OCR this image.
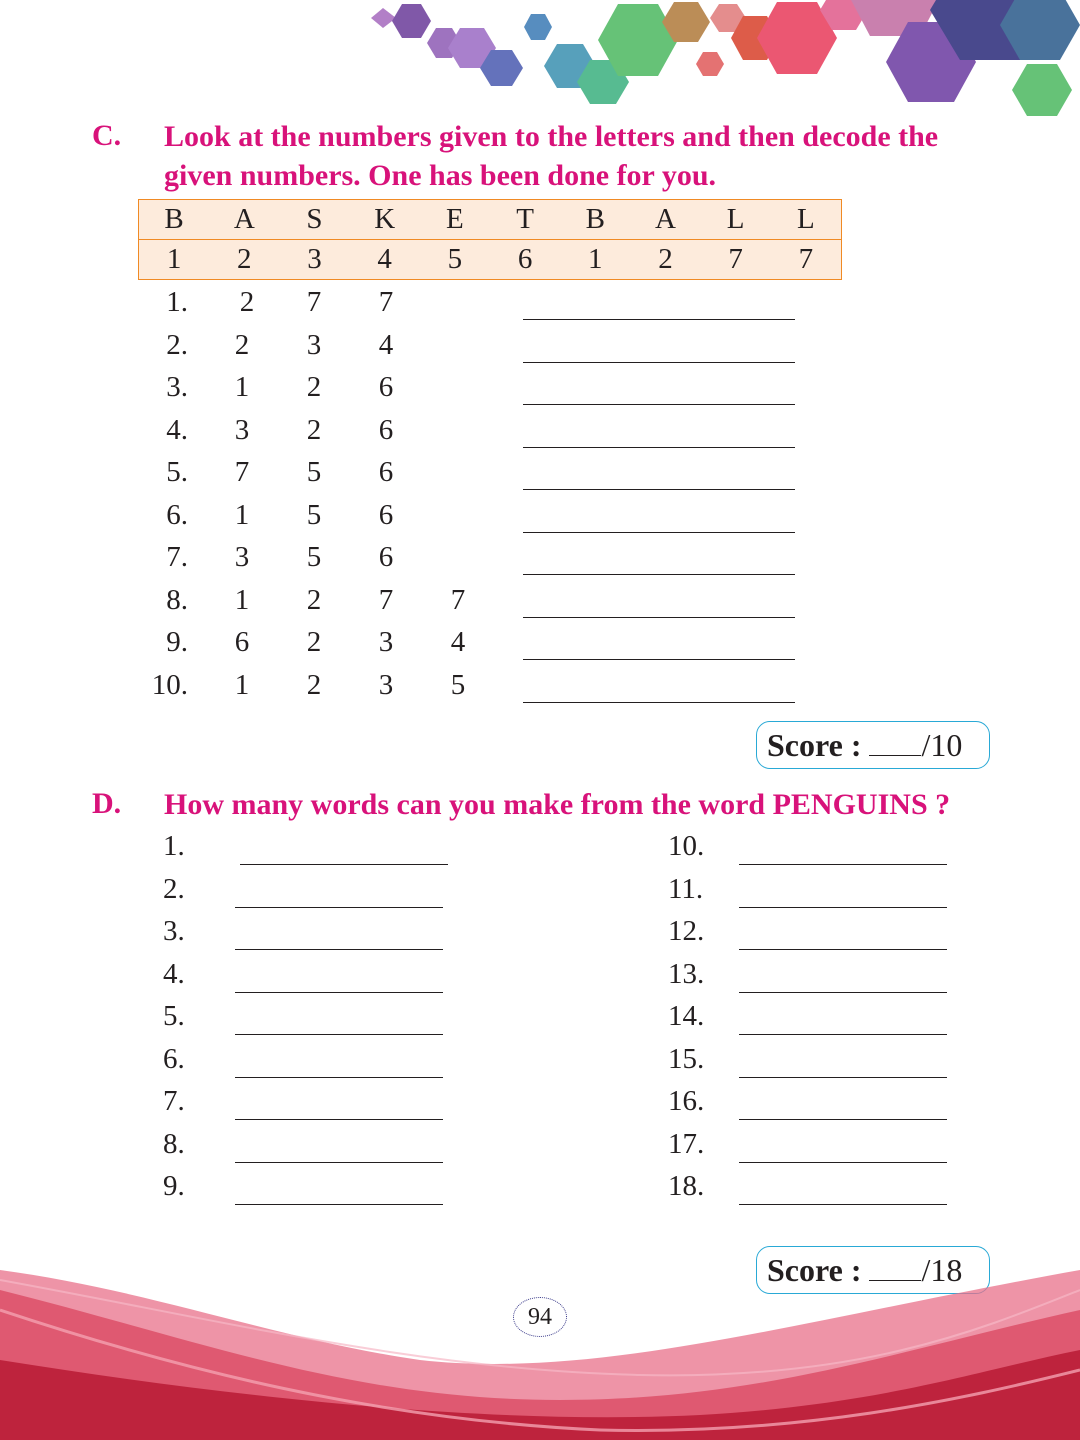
C. Look at the numbers given to the letters and then decode the
given numbers. One has been done for you.
B	A	S	K	E	T	B	A	L	L
1	2	3	4	5	6	1	2	7	7
1.	2	7	7
2.	2	3	4
3.	1	2	6
4.	3	2	6
5.	7	5	6
6.	1	5	6
7.	3	5	6
8.	1	2	7	7
9.	6	2	3	4
10.	1	2	3	5
Score : /10
D. How many words can you make from the word PENGUINS ?
1.
2.
3.
4.
5.
6.
7.
8.
9.
10.
11.
12.
13.
14.
15.
16.
17.
18.
Score : /18
94
